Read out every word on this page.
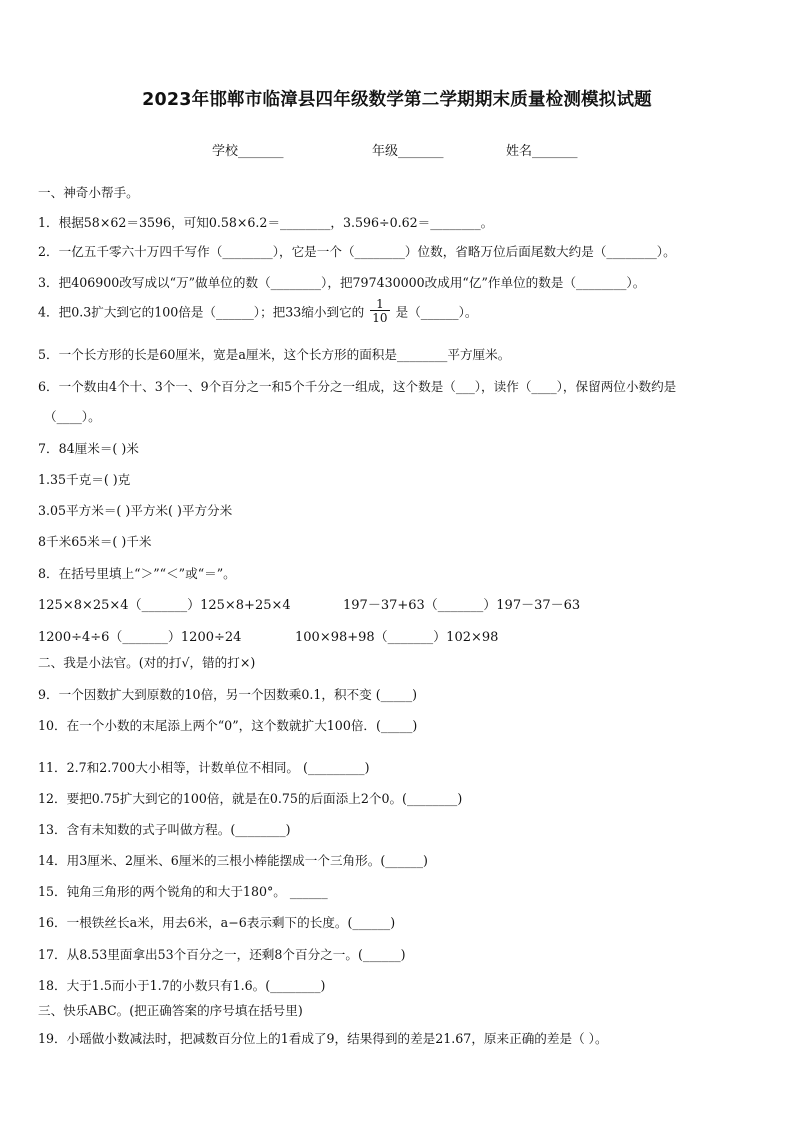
2023年邯郸市临漳县四年级数学第二学期期末质量检测模拟试题
学校_______	年级_______	姓名_______
一、神奇小帮手。
1．根据58×62＝3596，可知0.58×6.2＝________，3.596÷0.62＝________。
2．一亿五千零六十万四千写作（________），它是一个（________）位数，省略万位后面尾数大约是（________）。
3．把406900改写成以“万”做单位的数（________），把797430000改成用“亿”作单位的数是（________）。
4．把0.3扩大到它的100倍是（______）；把33缩小到它的 $\frac{1}{10}$ 是（______）。
5．一个长方形的长是60厘米，宽是a厘米，这个长方形的面积是________平方厘米。
6．一个数由4个十、3个一、9个百分之一和5个千分之一组成，这个数是（___），读作（____），保留两位小数约是
（____）。
7．84厘米＝( )米
1.35千克＝( )克
3.05平方米＝( )平方米( )平方分米
8千米65米＝( )千米
8．在括号里填上“＞”“＜”或“＝”。
125×8×25×4（_______）125×8+25×4	197－37+63（_______）197－37－63
1200÷4÷6（_______）1200÷24	100×98+98（_______）102×98
二、我是小法官。(对的打√，错的打×)
9．一个因数扩大到原数的10倍，另一个因数乘0.1，积不变 (_____)
10．在一个小数的末尾添上两个“0”，这个数就扩大100倍．(_____)
11．2.7和2.700大小相等，计数单位不相同。 (_________)
12．要把0.75扩大到它的100倍，就是在0.75的后面添上2个0。(________)
13．含有未知数的式子叫做方程。(________)
14．用3厘米、2厘米、6厘米的三根小棒能摆成一个三角形。(______)
15．钝角三角形的两个锐角的和大于180°。 ______
16．一根铁丝长a米，用去6米，a−6表示剩下的长度。(______)
17．从8.53里面拿出53个百分之一，还剩8个百分之一。(______)
18．大于1.5而小于1.7的小数只有1.6。(________)
三、快乐ABC。(把正确答案的序号填在括号里)
19．小瑶做小数减法时，把减数百分位上的1看成了9，结果得到的差是21.67，原来正确的差是（ ）。
